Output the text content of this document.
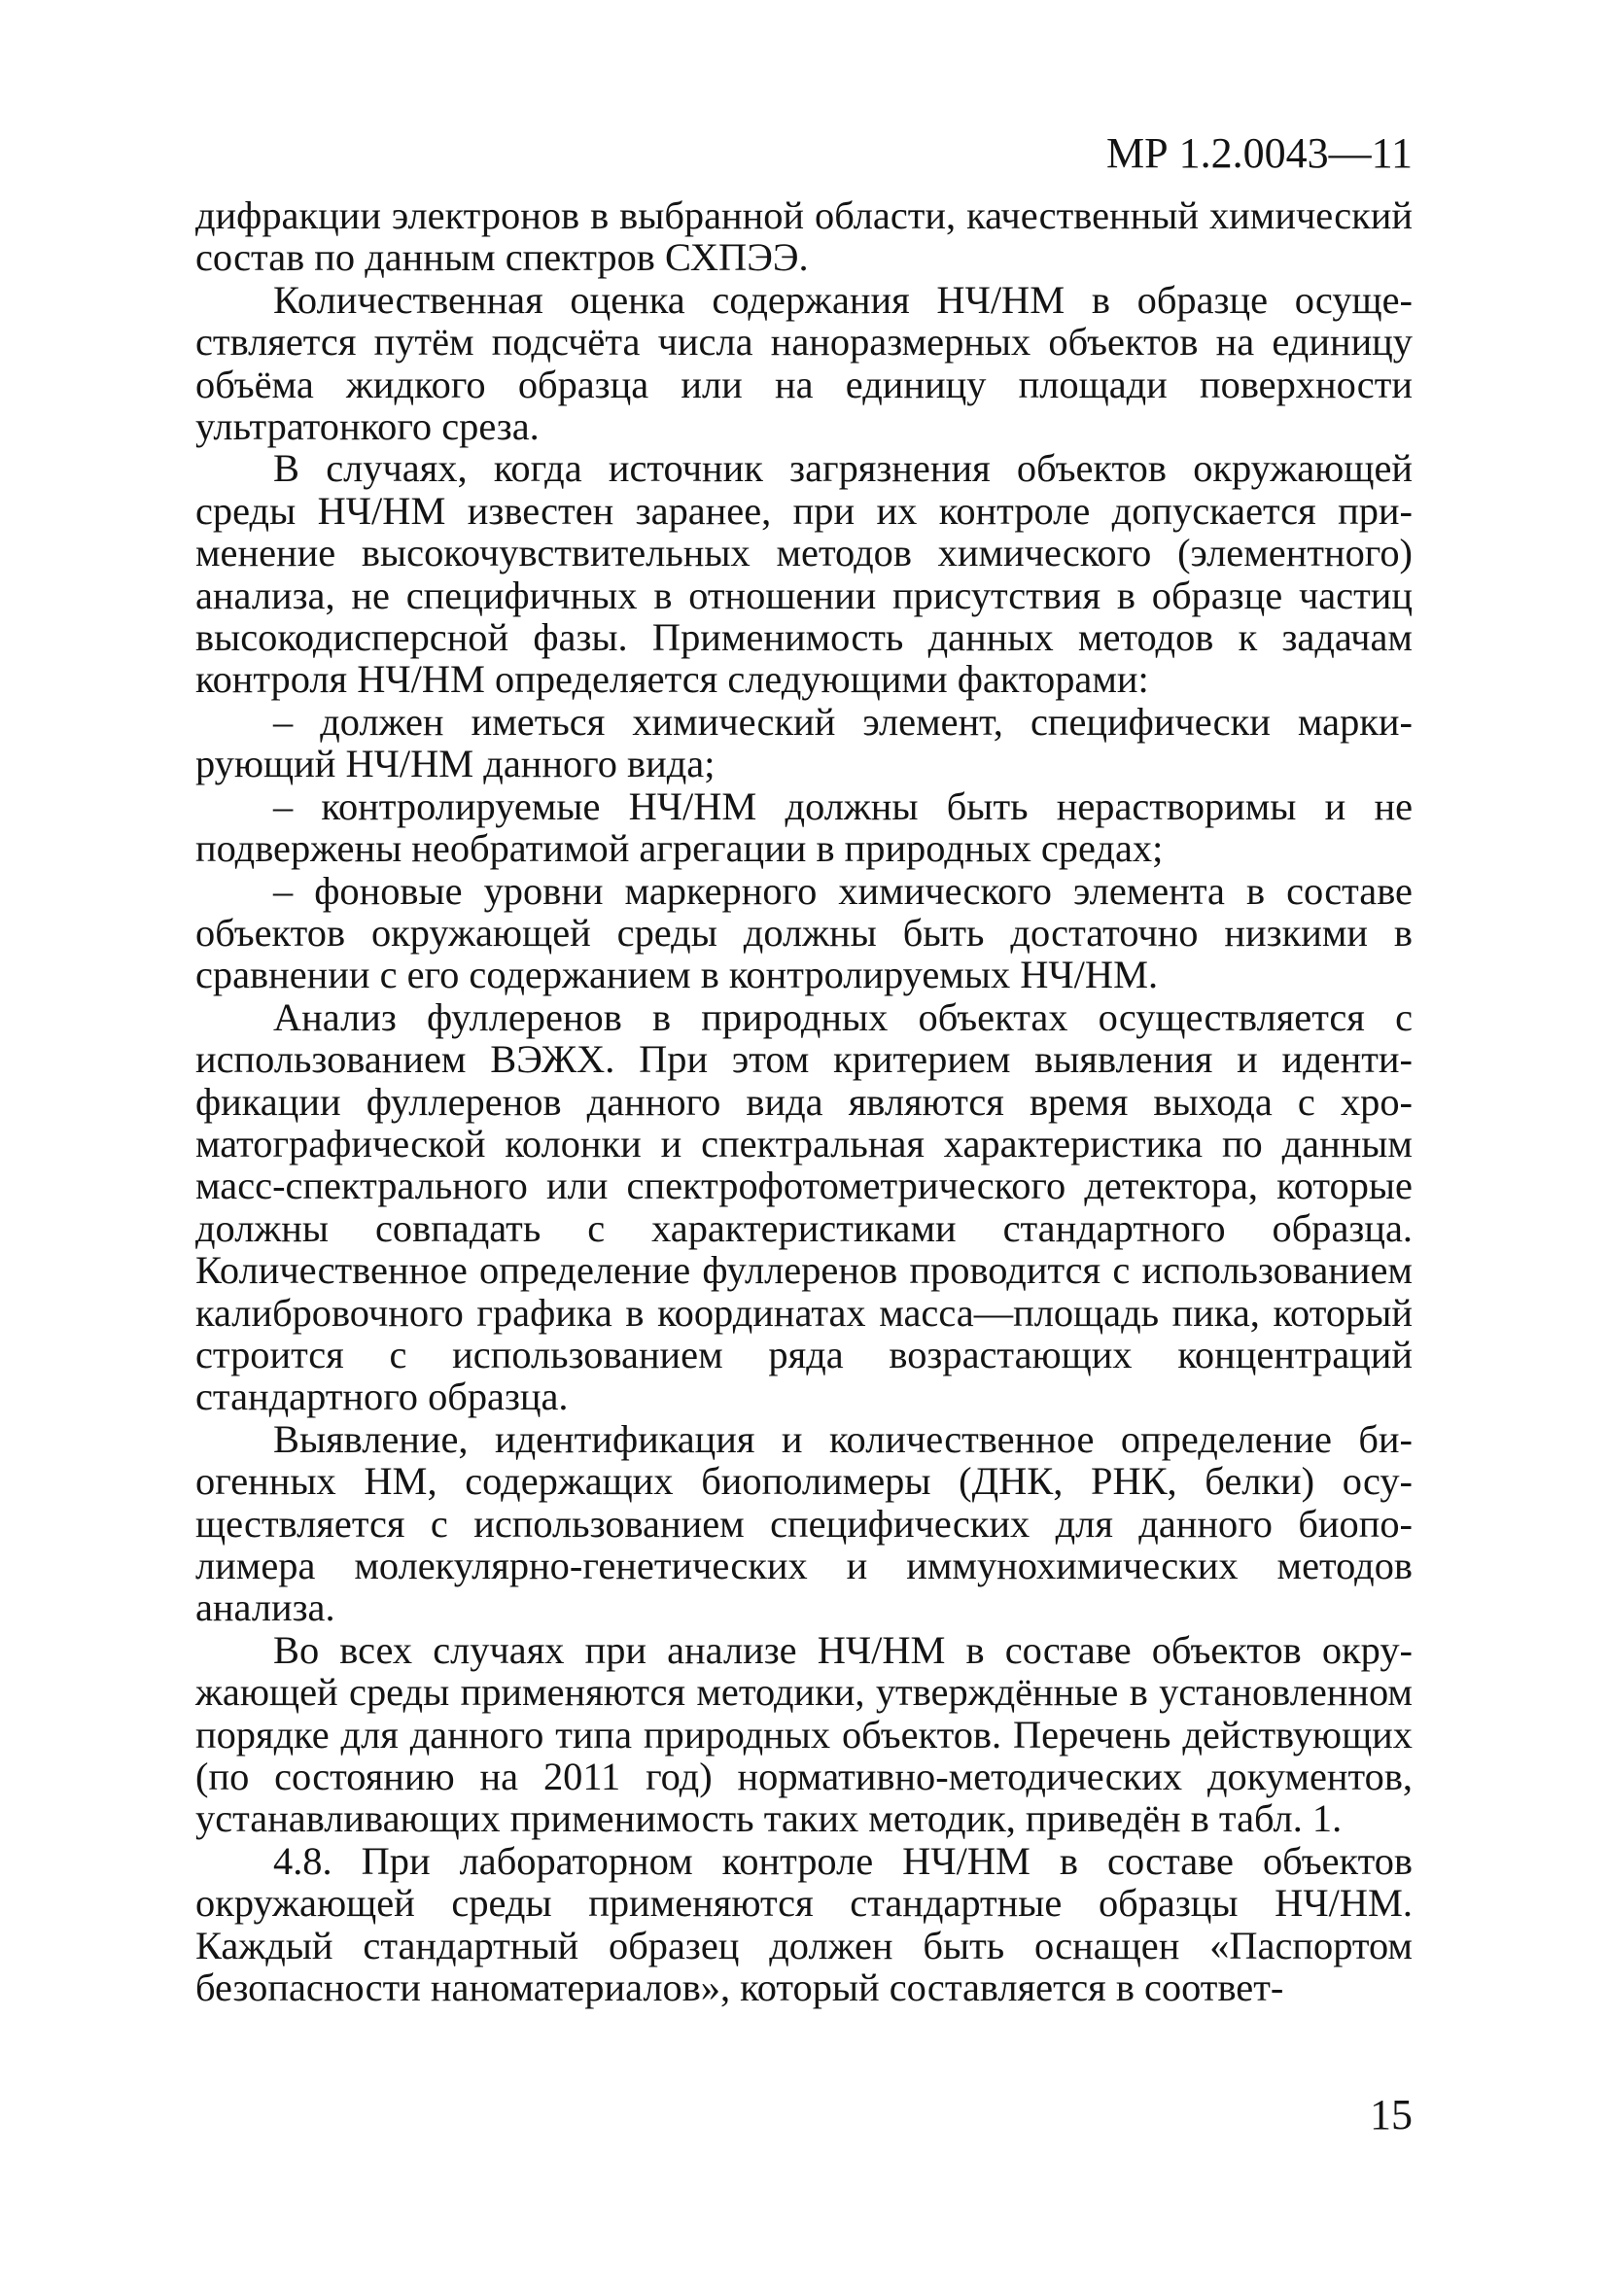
МР 1.2.0043—11

дифракции электронов в выбранной области, качественный химический состав по данным спектров СХПЭЭ.

Количественная оценка содержания НЧ/НМ в образце осуществляется путём подсчёта числа наноразмерных объектов на единицу объёма жидкого образца или на единицу площади поверхности ультратонкого среза.

В случаях, когда источник загрязнения объектов окружающей среды НЧ/НМ известен заранее, при их контроле допускается применение высокочувствительных методов химического (элементного) анализа, не специфичных в отношении присутствия в образце частиц высокодисперсной фазы. Применимость данных методов к задачам контроля НЧ/НМ определяется следующими факторами:

– должен иметься химический элемент, специфически маркирующий НЧ/НМ данного вида;

– контролируемые НЧ/НМ должны быть нерастворимы и не подвержены необратимой агрегации в природных средах;

– фоновые уровни маркерного химического элемента в составе объектов окружающей среды должны быть достаточно низкими в сравнении с его содержанием в контролируемых НЧ/НМ.

Анализ фуллеренов в природных объектах осуществляется с использованием ВЭЖХ. При этом критерием выявления и идентификации фуллеренов данного вида являются время выхода с хроматографической колонки и спектральная характеристика по данным масс-спектрального или спектрофотометрического детектора, которые должны совпадать с характеристиками стандартного образца. Количественное определение фуллеренов проводится с использованием калибровочного графика в координатах масса—площадь пика, который строится с использованием ряда возрастающих концентраций стандартного образца.

Выявление, идентификация и количественное определение биогенных НМ, содержащих биополимеры (ДНК, РНК, белки) осуществляется с использованием специфических для данного биополимера молекулярно-генетических и иммунохимических методов анализа.

Во всех случаях при анализе НЧ/НМ в составе объектов окружающей среды применяются методики, утверждённые в установленном порядке для данного типа природных объектов. Перечень действующих (по состоянию на 2011 год) нормативно-методических документов, устанавливающих применимость таких методик, приведён в табл. 1.

4.8. При лабораторном контроле НЧ/НМ в составе объектов окружающей среды применяются стандартные образцы НЧ/НМ. Каждый стандартный образец должен быть оснащен «Паспортом безопасности наноматериалов», который составляется в соответ-

15
